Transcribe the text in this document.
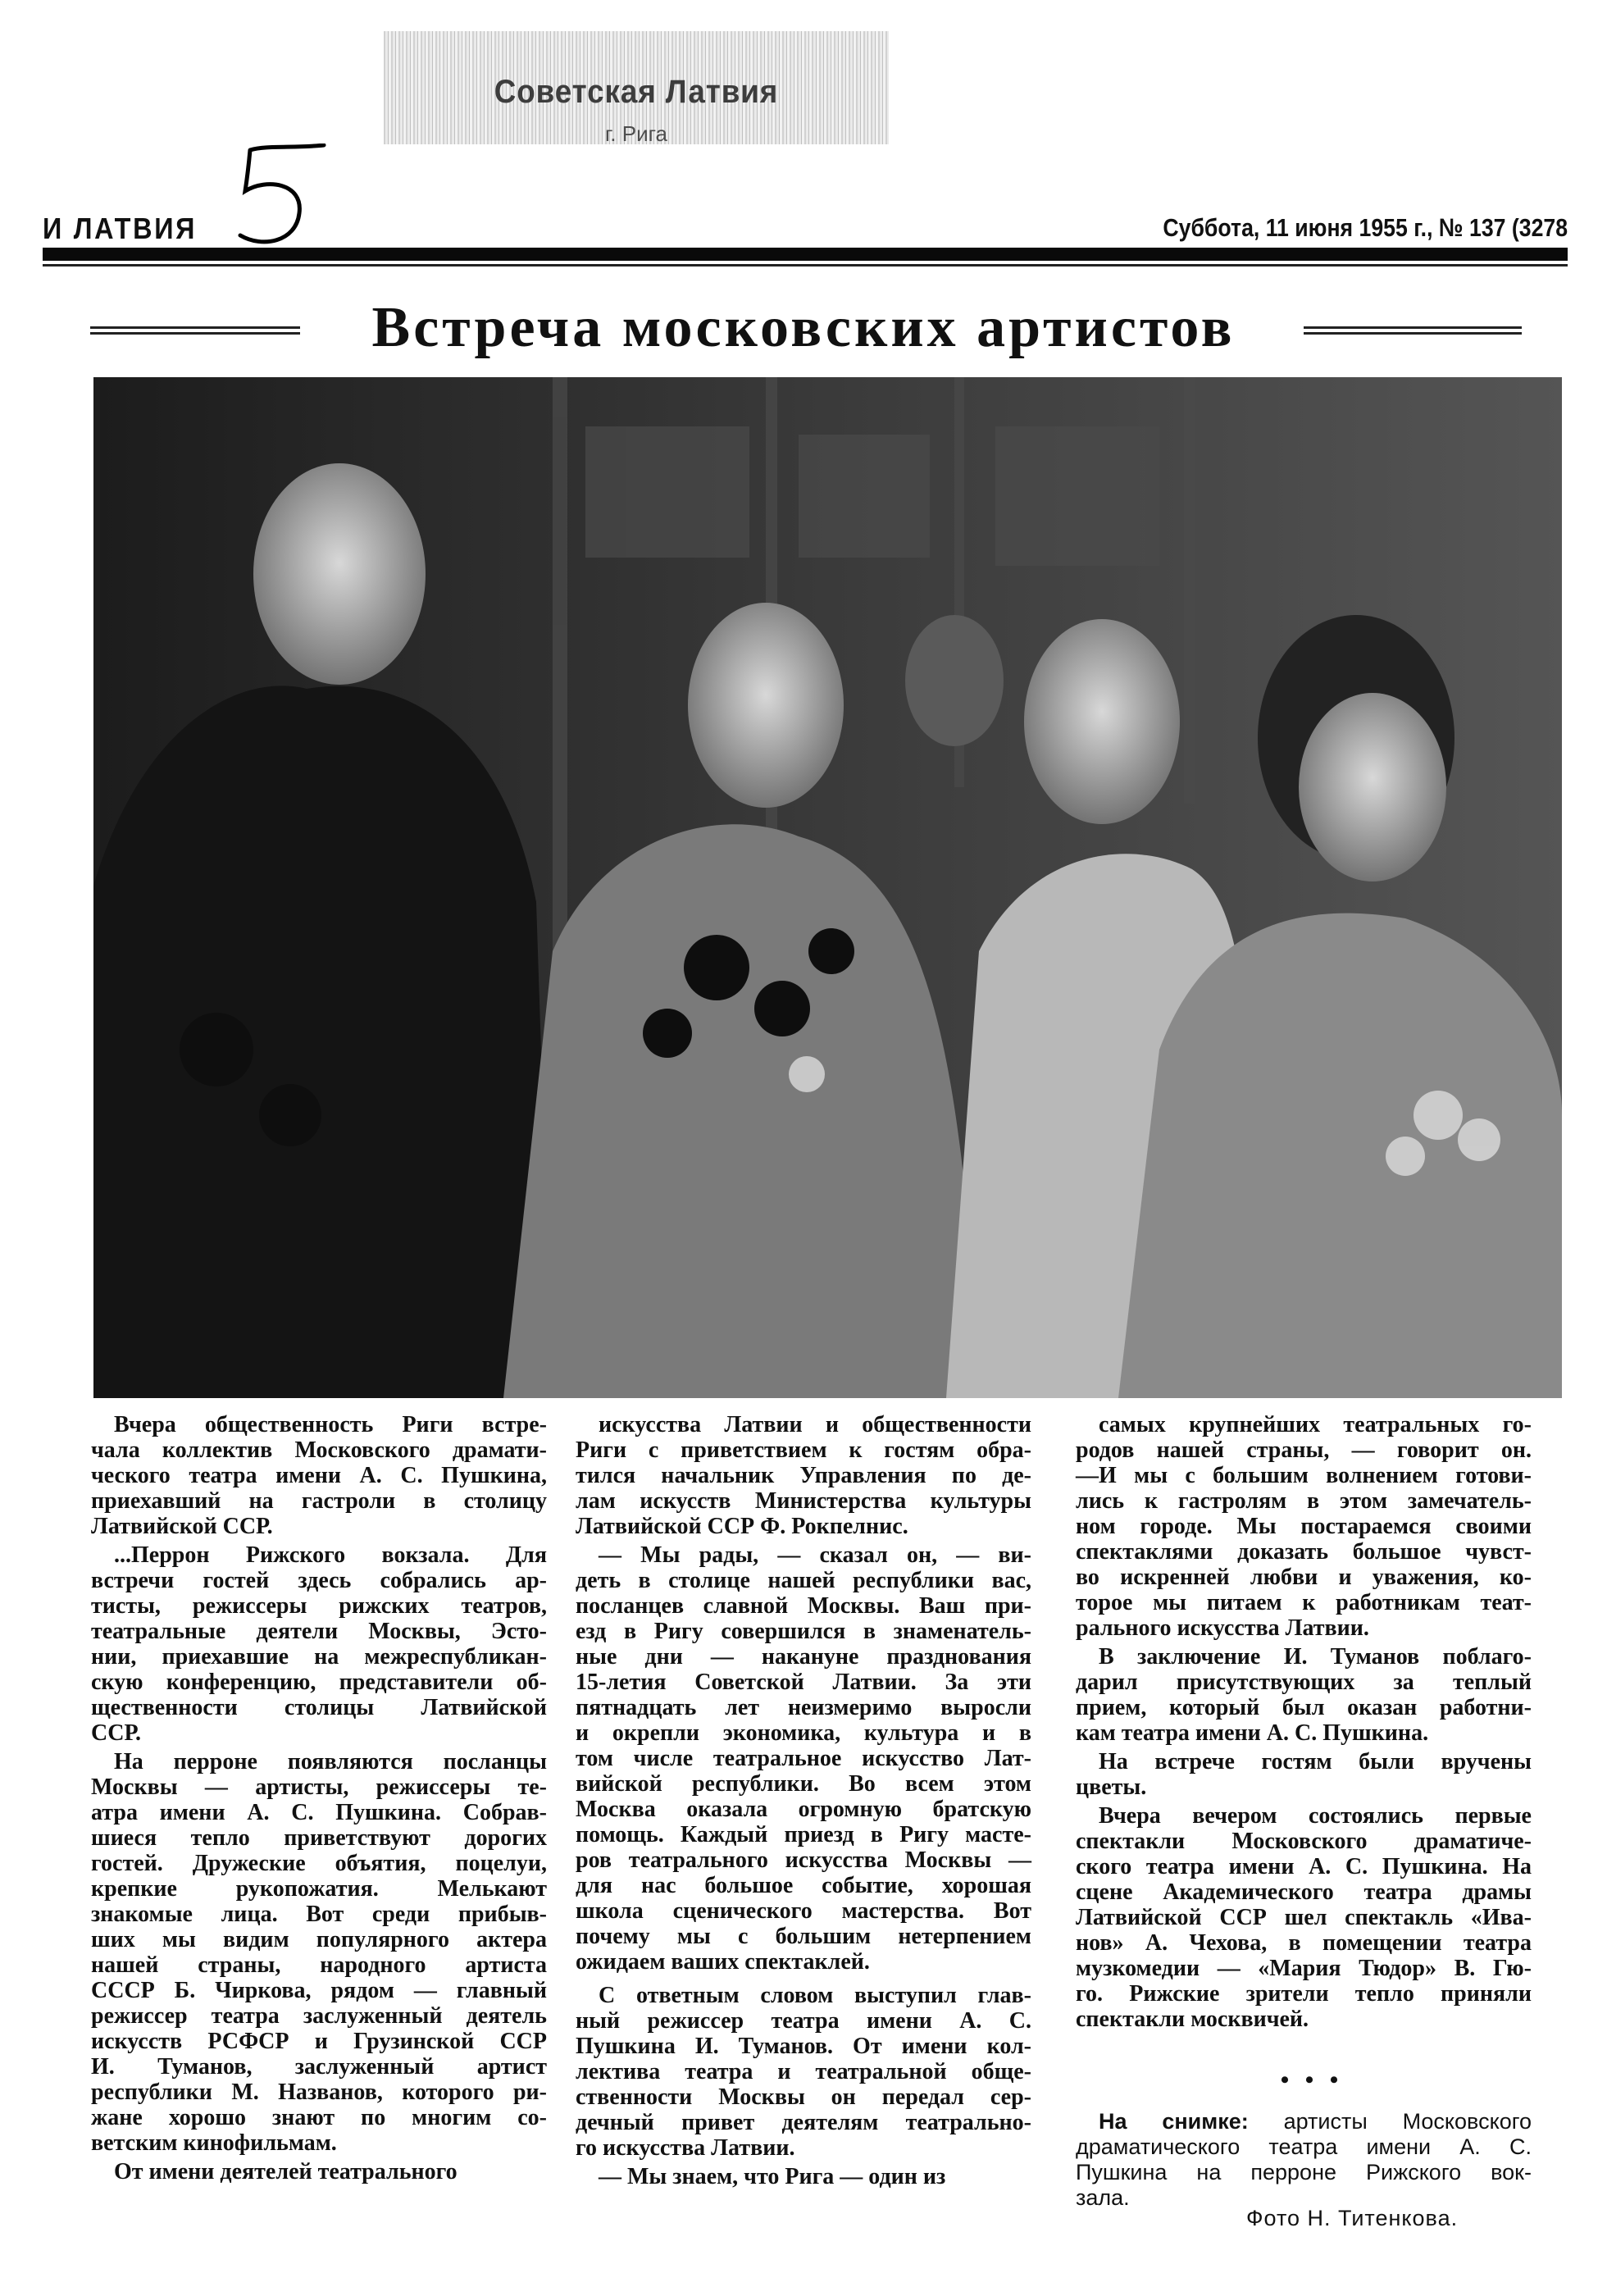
Советская Латвия
г. Рига
И ЛАТВИЯ	Суббота, 11 июня 1955 г., № 137 (3278
Встреча московских артистов
Вчера общественность Риги встре-
чала коллектив Московского драмати-
ческого театра имени А. С. Пушкина,
приехавший на гастроли в столицу
Латвийской ССР.
...Перрон Рижского вокзала. Для
встречи гостей здесь собрались ар-
тисты, режиссеры рижских театров,
театральные деятели Москвы, Эсто-
нии, приехавшие на межреспубликан-
скую конференцию, представители об-
щественности столицы Латвийской
ССР.
На перроне появляются посланцы
Москвы — артисты, режиссеры те-
атра имени А. С. Пушкина. Собрав-
шиеся тепло приветствуют дорогих
гостей. Дружеские объятия, поцелуи,
крепкие рукопожатия. Мелькают
знакомые лица. Вот среди прибыв-
ших мы видим популярного актера
нашей страны, народного артиста
СССР Б. Чиркова, рядом — главный
режиссер театра заслуженный деятель
искусств РСФСР и Грузинской ССР
И. Туманов, заслуженный артист
республики М. Названов, которого ри-
жане хорошо знают по многим со-
ветским кинофильмам.
От имени деятелей театрального
искусства Латвии и общественности
Риги с приветствием к гостям обра-
тился начальник Управления по де-
лам искусств Министерства культуры
Латвийской ССР Ф. Рокпелнис.
— Мы рады, — сказал он, — ви-
деть в столице нашей республики вас,
посланцев славной Москвы. Ваш при-
езд в Ригу совершился в знаменатель-
ные дни — накануне празднования
15-летия Советской Латвии. За эти
пятнадцать лет неизмеримо выросли
и окрепли экономика, культура и в
том числе театральное искусство Лат-
вийской республики. Во всем этом
Москва оказала огромную братскую
помощь. Каждый приезд в Ригу масте-
ров театрального искусства Москвы —
для нас большое событие, хорошая
школа сценического мастерства. Вот
почему мы с большим нетерпением
ожидаем ваших спектаклей.
С ответным словом выступил глав-
ный режиссер театра имени А. С.
Пушкина И. Туманов. От имени кол-
лектива театра и театральной обще-
ственности Москвы он передал сер-
дечный привет деятелям театрально-
го искусства Латвии.
— Мы знаем, что Рига — один из
самых крупнейших театральных го-
родов нашей страны, — говорит он.
—И мы с большим волнением готови-
лись к гастролям в этом замечатель-
ном городе. Мы постараемся своими
спектаклями доказать большое чувст-
во искренней любви и уважения, ко-
торое мы питаем к работникам теат-
рального искусства Латвии.
В заключение И. Туманов поблаго-
дарил присутствующих за теплый
прием, который был оказан работни-
кам театра имени А. С. Пушкина.
На встрече гостям были вручены
цветы.
Вчера вечером состоялись первые
спектакли Московского драматиче-
ского театра имени А. С. Пушкина. На
сцене Академического театра драмы
Латвийской ССР шел спектакль «Ива-
нов» А. Чехова, в помещении театра
музкомедии — «Мария Тюдор» В. Гю-
го. Рижские зрители тепло приняли
спектакли москвичей.
• • •
На снимке: артисты Московского
драматического театра имени А. С.
Пушкина на перроне Рижского вок-
зала.
Фото Н. Титенкова.
